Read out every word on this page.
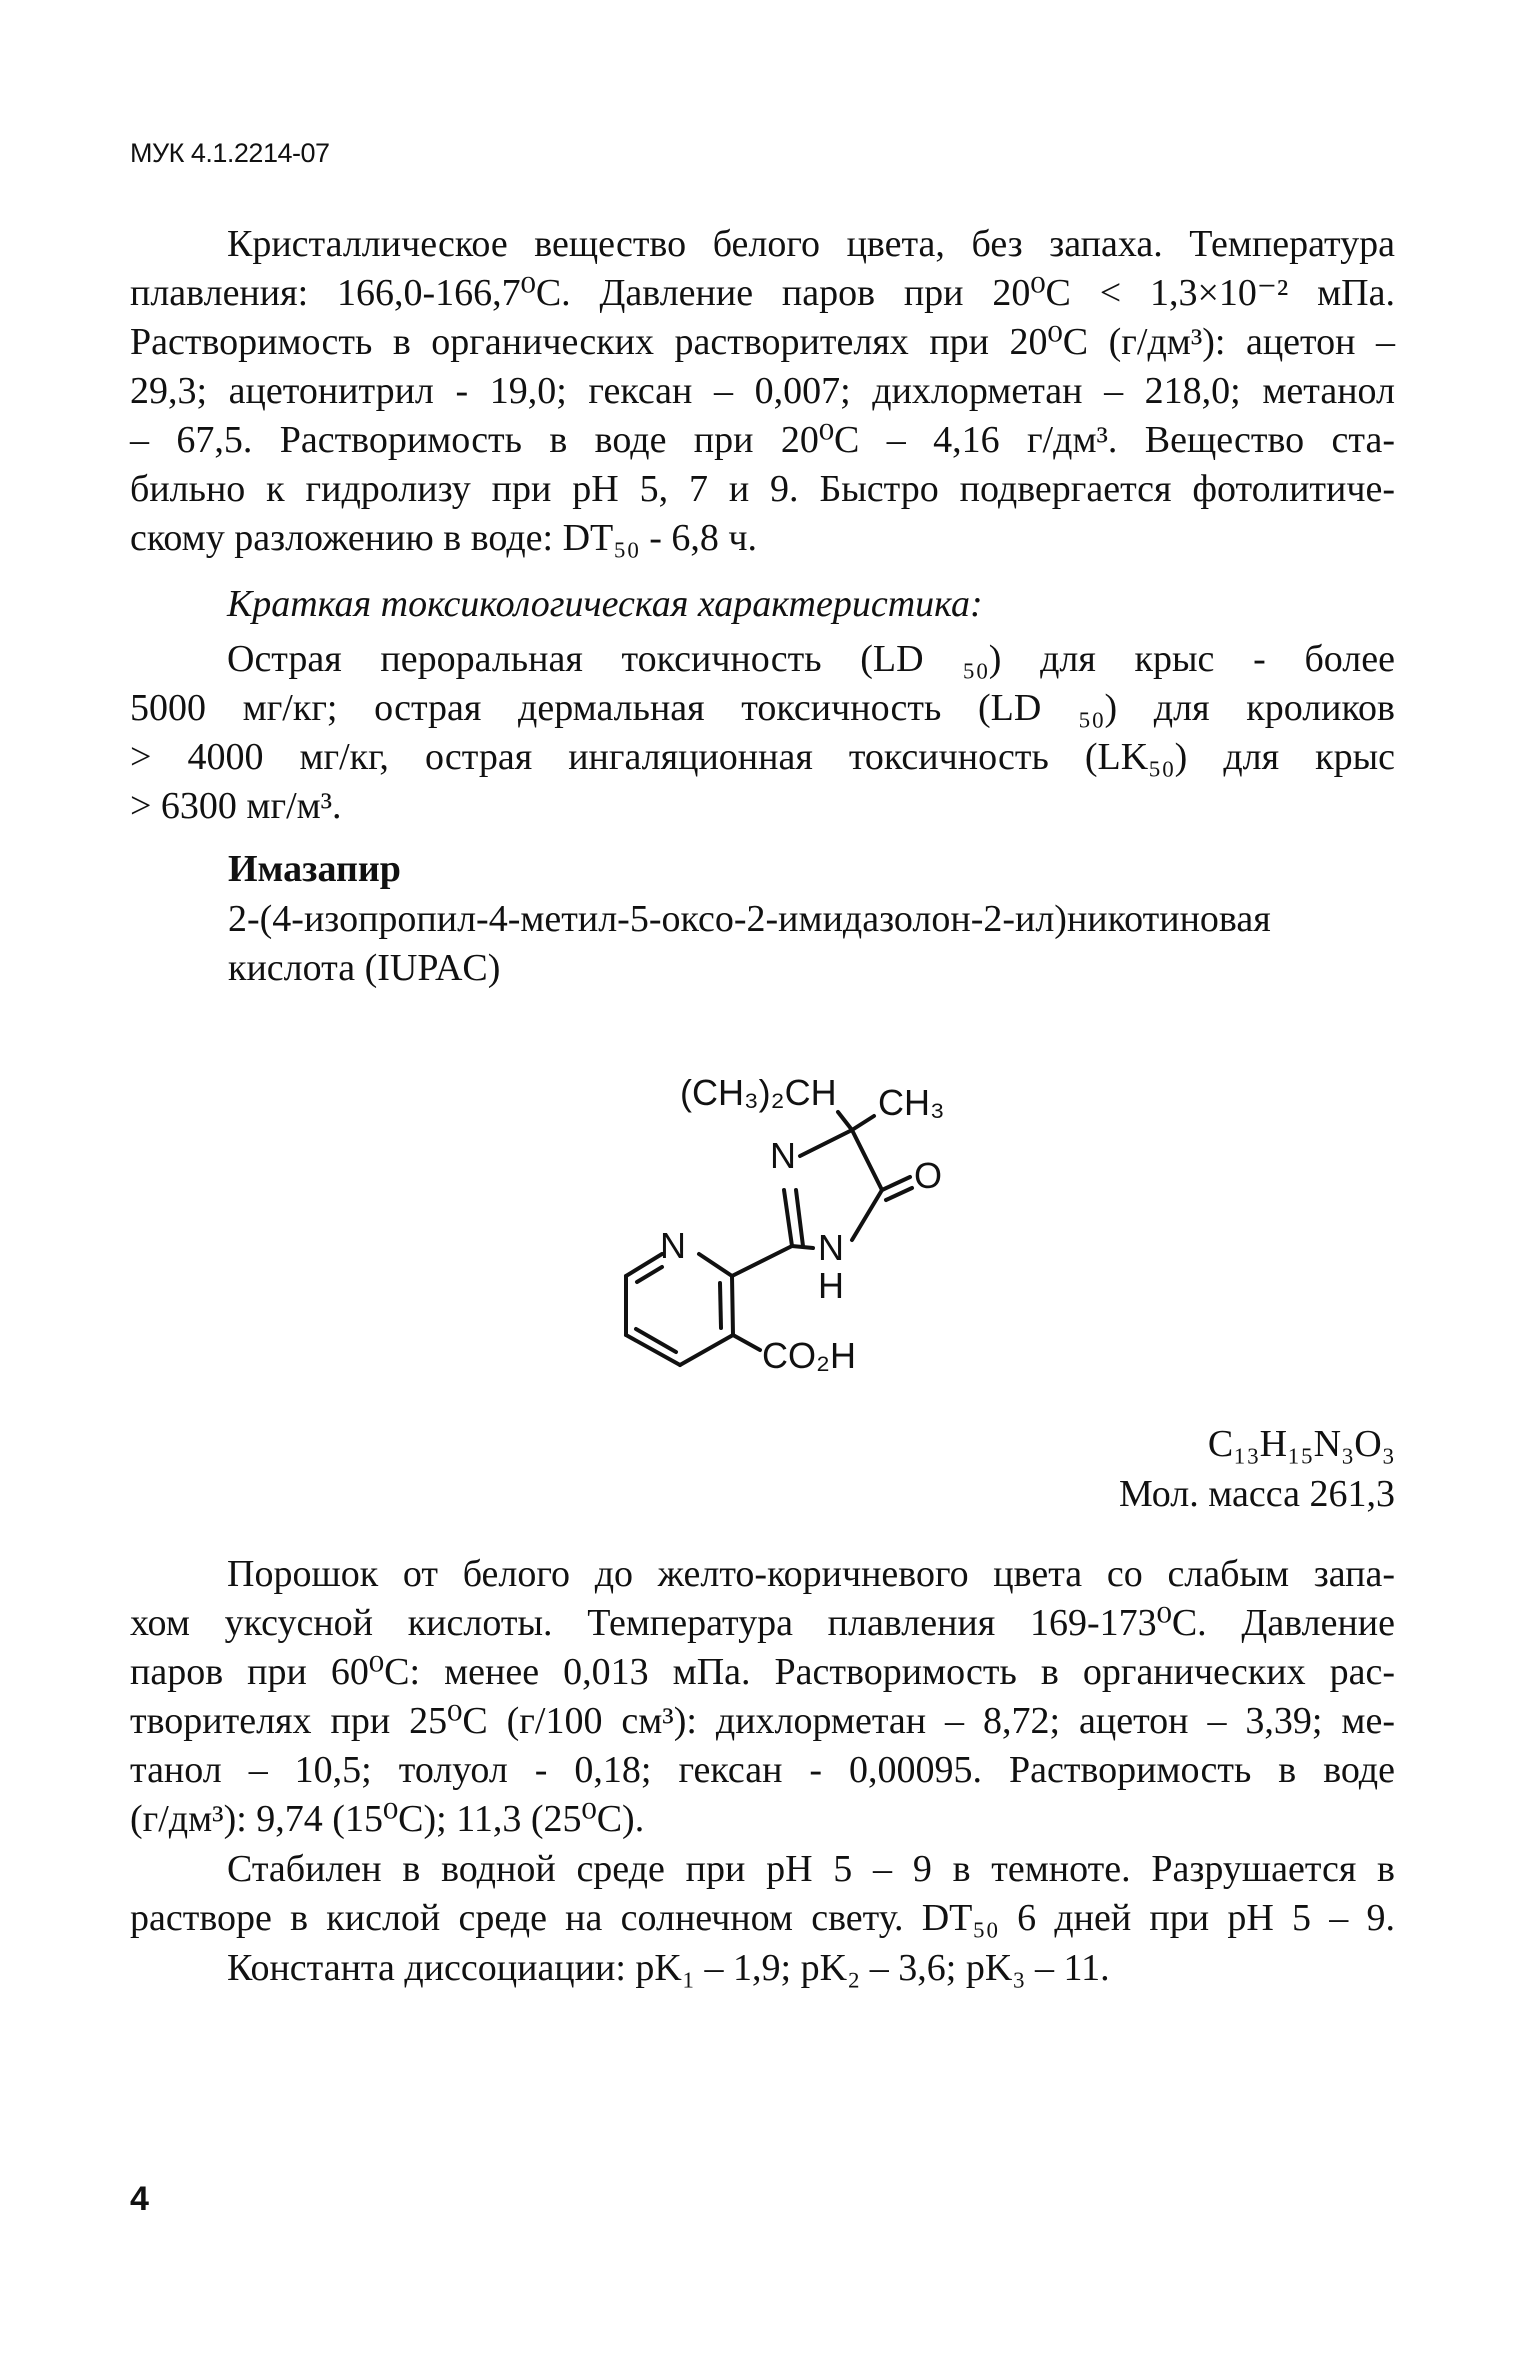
МУК 4.1.2214-07
Кристаллическое вещество белого цвета, без запаха. Температура
плавления: 166,0-166,7⁰С. Давление паров при 20⁰С < 1,3×10⁻² мПа.
Растворимость в органических растворителях при 20⁰С (г/дм³): ацетон –
29,3; ацетонитрил - 19,0; гексан – 0,007; дихлорметан – 218,0; метанол
– 67,5. Растворимость в воде при 20⁰С – 4,16 г/дм³. Вещество ста-
бильно к гидролизу при pH 5, 7 и 9. Быстро подвергается фотолитиче-
скому разложению в воде: DT₅₀ - 6,8 ч.
Краткая токсикологическая характеристика:
Острая пероральная токсичность (LD ₅₀) для крыс - более
5000 мг/кг; острая дермальная токсичность (LD ₅₀) для кроликов
> 4000 мг/кг, острая ингаляционная токсичность (LK₅₀) для крыс
> 6300 мг/м³.
Имазапир
2-(4-изопропил-4-метил-5-оксо-2-имидазолон-2-ил)никотиновая
кислота (IUPAC)
(CH₃)₂CH CH₃
N	O
N
H
N
CO₂H
C₁₃H₁₅N₃O₃
Мол. масса 261,3
Порошок от белого до желто-коричневого цвета со слабым запа-
хом уксусной кислоты. Температура плавления 169-173⁰С. Давление
паров при 60⁰С: менее 0,013 мПа. Растворимость в органических рас-
творителях при 25⁰С (г/100 см³): дихлорметан – 8,72; ацетон – 3,39; ме-
танол – 10,5; толуол - 0,18; гексан - 0,00095. Растворимость в воде
(г/дм³): 9,74 (15⁰С); 11,3 (25⁰С).
Стабилен в водной среде при pH 5 – 9 в темноте. Разрушается в
растворе в кислой среде на солнечном свету. DT₅₀ 6 дней при pH 5 – 9.
Константа диссоциации: pK₁ – 1,9; pK₂ – 3,6; pK₃ – 11.
4
